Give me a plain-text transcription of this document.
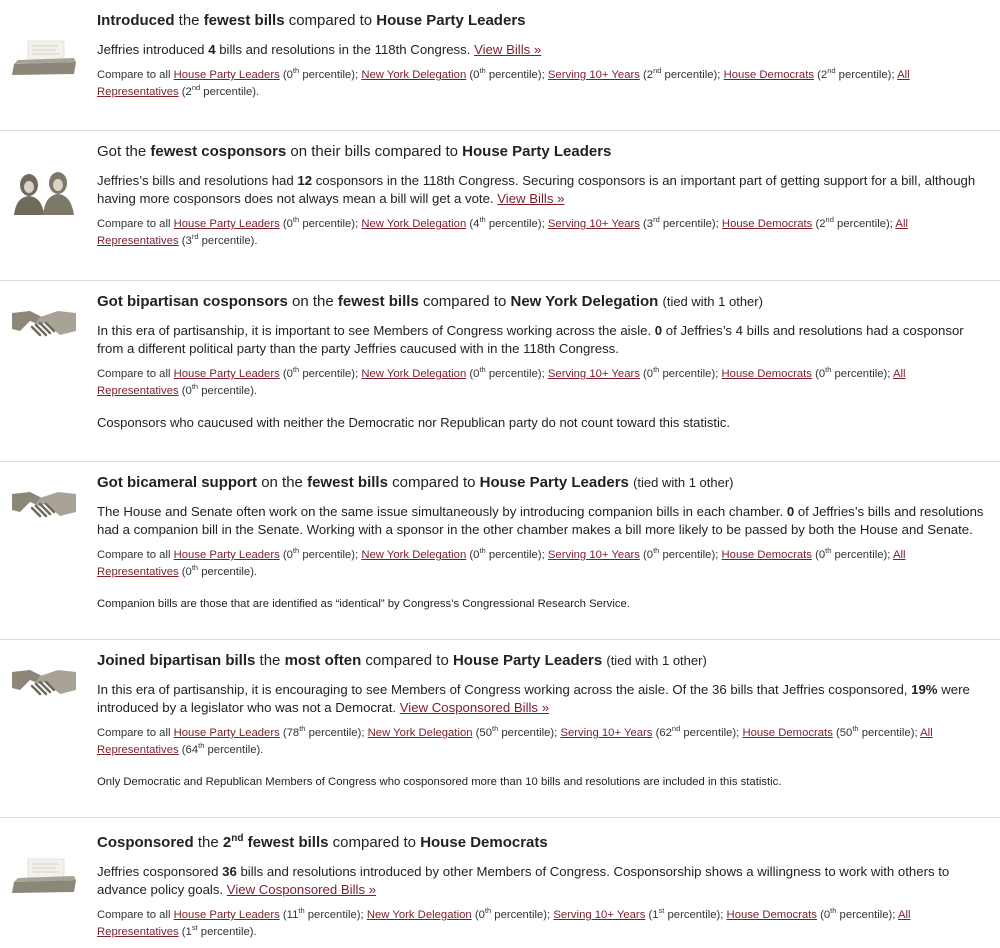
Introduced the fewest bills compared to House Party Leaders
Jeffries introduced 4 bills and resolutions in the 118th Congress. View Bills »
Compare to all House Party Leaders (0th percentile); New York Delegation (0th percentile); Serving 10+ Years (2nd percentile); House Democrats (2nd percentile); All Representatives (2nd percentile).
Got the fewest cosponsors on their bills compared to House Party Leaders
Jeffries’s bills and resolutions had 12 cosponsors in the 118th Congress. Securing cosponsors is an important part of getting support for a bill, although having more cosponsors does not always mean a bill will get a vote. View Bills »
Compare to all House Party Leaders (0th percentile); New York Delegation (4th percentile); Serving 10+ Years (3rd percentile); House Democrats (2nd percentile); All Representatives (3rd percentile).
Got bipartisan cosponsors on the fewest bills compared to New York Delegation (tied with 1 other)
In this era of partisanship, it is important to see Members of Congress working across the aisle. 0 of Jeffries’s 4 bills and resolutions had a cosponsor from a different political party than the party Jeffries caucused with in the 118th Congress.
Compare to all House Party Leaders (0th percentile); New York Delegation (0th percentile); Serving 10+ Years (0th percentile); House Democrats (0th percentile); All Representatives (0th percentile).
Cosponsors who caucused with neither the Democratic nor Republican party do not count toward this statistic.
Got bicameral support on the fewest bills compared to House Party Leaders (tied with 1 other)
The House and Senate often work on the same issue simultaneously by introducing companion bills in each chamber. 0 of Jeffries’s bills and resolutions had a companion bill in the Senate. Working with a sponsor in the other chamber makes a bill more likely to be passed by both the House and Senate.
Compare to all House Party Leaders (0th percentile); New York Delegation (0th percentile); Serving 10+ Years (0th percentile); House Democrats (0th percentile); All Representatives (0th percentile).
Companion bills are those that are identified as “identical” by Congress’s Congressional Research Service.
Joined bipartisan bills the most often compared to House Party Leaders (tied with 1 other)
In this era of partisanship, it is encouraging to see Members of Congress working across the aisle. Of the 36 bills that Jeffries cosponsored, 19% were introduced by a legislator who was not a Democrat. View Cosponsored Bills »
Compare to all House Party Leaders (78th percentile); New York Delegation (50th percentile); Serving 10+ Years (62nd percentile); House Democrats (50th percentile); All Representatives (64th percentile).
Only Democratic and Republican Members of Congress who cosponsored more than 10 bills and resolutions are included in this statistic.
Cosponsored the 2nd fewest bills compared to House Democrats
Jeffries cosponsored 36 bills and resolutions introduced by other Members of Congress. Cosponsorship shows a willingness to work with others to advance policy goals. View Cosponsored Bills »
Compare to all House Party Leaders (11th percentile); New York Delegation (0th percentile); Serving 10+ Years (1st percentile); House Democrats (0th percentile); All Representatives (1st percentile).
